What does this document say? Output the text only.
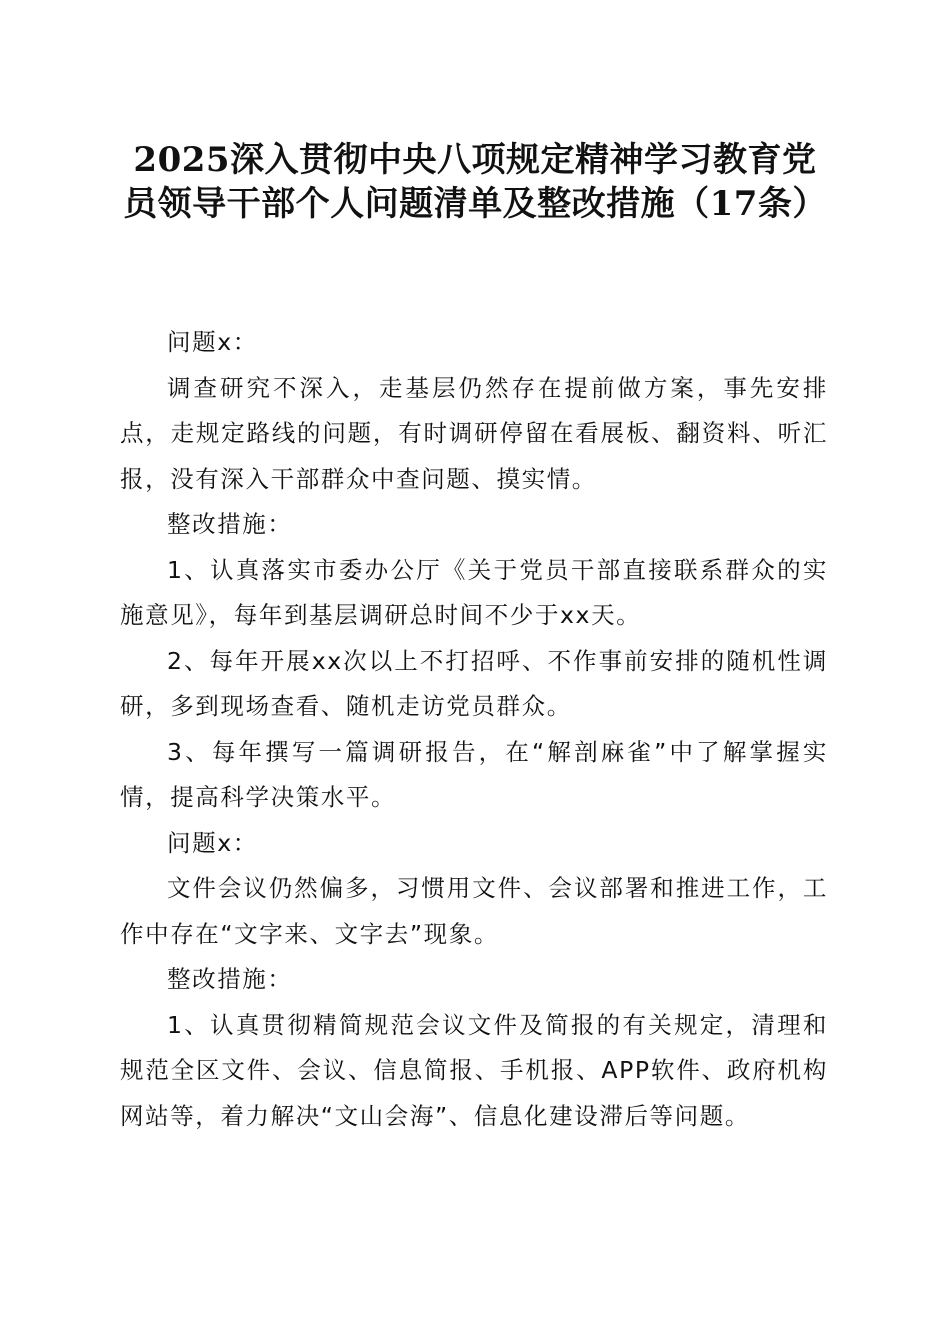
2025深入贯彻中央八项规定精神学习教育党员领导干部个人问题清单及整改措施（17条）

问题x：

调查研究不深入，走基层仍然存在提前做方案，事先安排点，走规定路线的问题，有时调研停留在看展板、翻资料、听汇报，没有深入干部群众中查问题、摸实情。

整改措施：

1、认真落实市委办公厅《关于党员干部直接联系群众的实施意见》，每年到基层调研总时间不少于xx天。

2、每年开展xx次以上不打招呼、不作事前安排的随机性调研，多到现场查看、随机走访党员群众。

3、每年撰写一篇调研报告，在“解剖麻雀”中了解掌握实情，提高科学决策水平。

问题x：

文件会议仍然偏多，习惯用文件、会议部署和推进工作，工作中存在“文字来、文字去”现象。

整改措施：

1、认真贯彻精简规范会议文件及简报的有关规定，清理和规范全区文件、会议、信息简报、手机报、APP软件、政府机构网站等，着力解决“文山会海”、信息化建设滞后等问题。
